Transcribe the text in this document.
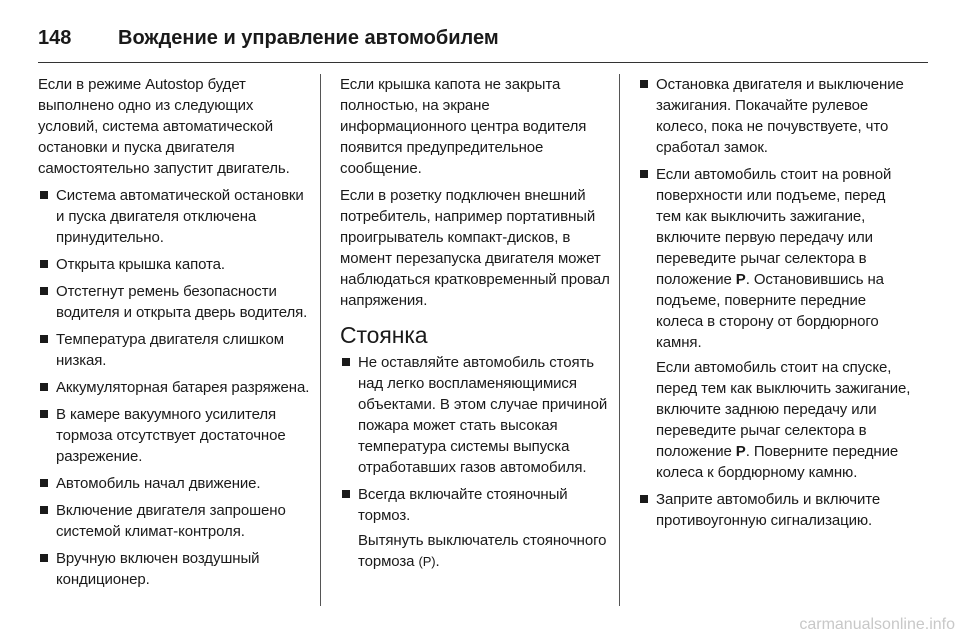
148	Вождение и управление автомобилем

Если в режиме Autostop будет выполнено одно из следующих условий, система автоматической остановки и пуска двигателя самостоятельно запустит двигатель.

Система автоматической остановки и пуска двигателя отключена принудительно.
Открыта крышка капота.
Отстегнут ремень безопасности водителя и открыта дверь водителя.
Температура двигателя слишком низкая.
Аккумуляторная батарея разряжена.
В камере вакуумного усилителя тормоза отсутствует достаточное разрежение.
Автомобиль начал движение.
Включение двигателя запрошено системой климат-контроля.
Вручную включен воздушный кондиционер.

Если крышка капота не закрыта полностью, на экране информационного центра водителя появится предупредительное сообщение.

Если в розетку подключен внешний потребитель, например портативный проигрыватель компакт-дисков, в момент перезапуска двигателя может наблюдаться кратковременный провал напряжения.

Стоянка
Не оставляйте автомобиль стоять над легко воспламеняющимися объектами. В этом случае причиной пожара может стать высокая температура системы выпуска отработавших газов автомобиля.
Всегда включайте стояночный тормоз.

Вытянуть выключатель стояночного тормоза (P).

Остановка двигателя и выключение зажигания. Покачайте рулевое колесо, пока не почувствуете, что сработал замок.
Если автомобиль стоит на ровной поверхности или подъеме, перед тем как выключить зажигание, включите первую передачу или переведите рычаг селектора в положение P. Остановившись на подъеме, поверните передние колеса в сторону от бордюрного камня.

Если автомобиль стоит на спуске, перед тем как выключить зажигание, включите заднюю передачу или переведите рычаг селектора в положение P. Поверните передние колеса к бордюрному камню.

Заприте автомобиль и включите противоугонную сигнализацию.
carmanualsonline.info
